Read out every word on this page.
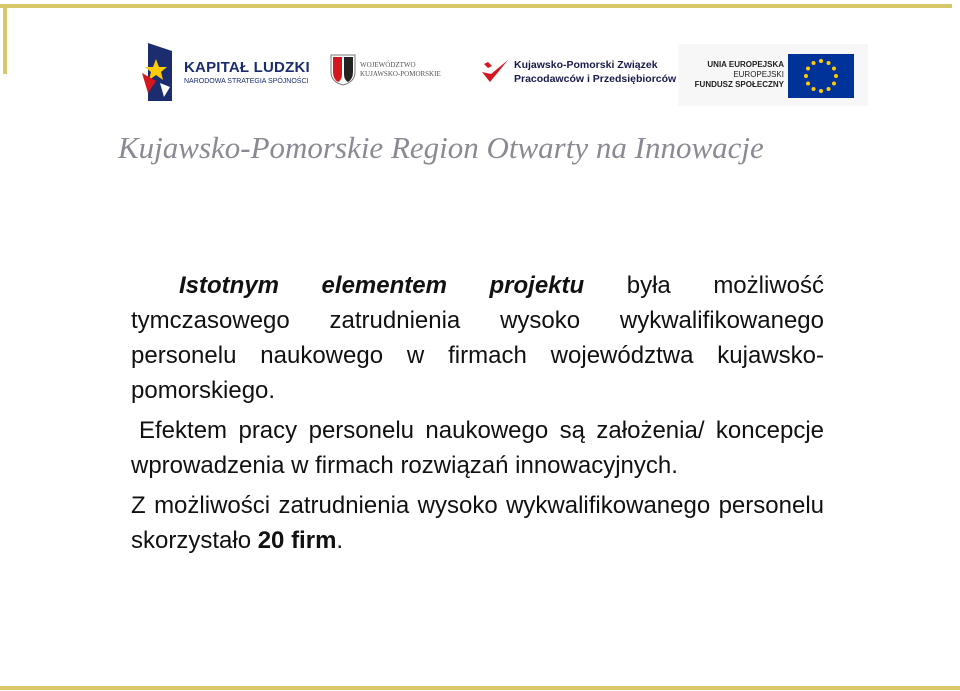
KAPITAŁ LUDZKI
NARODOWA STRATEGIA SPÓJNOŚCI
WOJEWÓDZTWO
KUJAWSKO-POMORSKIE
Kujawsko-Pomorski Związek
Pracodawców i Przedsiębiorców
UNIA EUROPEJSKA
EUROPEJSKI
FUNDUSZ SPOŁECZNY
Kujawsko-Pomorskie Region Otwarty na Innowacje

Istotnym elementem projektu była możliwość tymczasowego zatrudnienia wysoko wykwalifikowanego personelu naukowego w firmach województwa kujawsko-pomorskiego.

Efektem pracy personelu naukowego są założenia/ koncepcje wprowadzenia w firmach rozwiązań innowacyjnych.

Z możliwości zatrudnienia wysoko wykwalifikowanego personelu skorzystało 20 firm.
